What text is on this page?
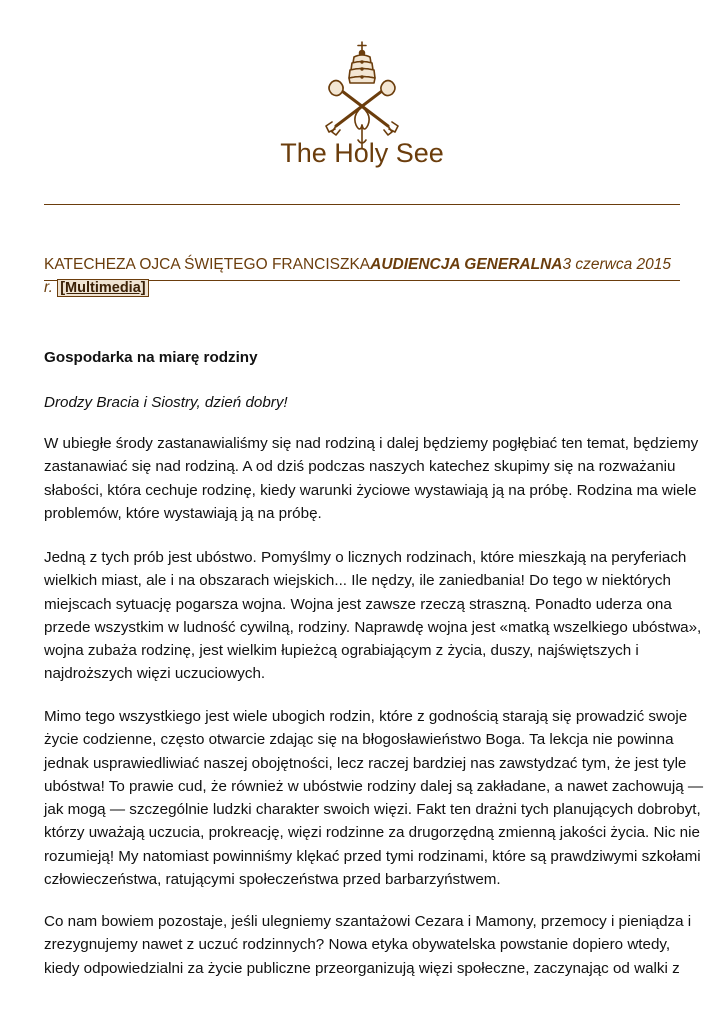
The Holy See
KATECHEZA OJCA ŚWIĘTEGO FRANCISZKAAUDIENCJA GENERALNA3 czerwca 2015
r. [Multimedia]
Gospodarka na miarę rodziny
Drodzy Bracia i Siostry, dzień dobry!
W ubiegłe środy zastanawialiśmy się nad rodziną i dalej będziemy pogłębiać ten temat, będziemy
zastanawiać się nad rodziną. A od dziś podczas naszych katechez skupimy się na rozważaniu
słabości, która cechuje rodzinę, kiedy warunki życiowe wystawiają ją na próbę. Rodzina ma wiele
problemów, które wystawiają ją na próbę.
Jedną z tych prób jest ubóstwo. Pomyślmy o licznych rodzinach, które mieszkają na peryferiach
wielkich miast, ale i na obszarach wiejskich... Ile nędzy, ile zaniedbania! Do tego w niektórych
miejscach sytuację pogarsza wojna. Wojna jest zawsze rzeczą straszną. Ponadto uderza ona
przede wszystkim w ludność cywilną, rodziny. Naprawdę wojna jest «matką wszelkiego ubóstwa»,
wojna zubaża rodzinę, jest wielkim łupieżcą ograbiającym z życia, duszy, najświętszych i
najdroższych więzi uczuciowych.
Mimo tego wszystkiego jest wiele ubogich rodzin, które z godnością starają się prowadzić swoje
życie codzienne, często otwarcie zdając się na błogosławieństwo Boga. Ta lekcja nie powinna
jednak usprawiedliwiać naszej obojętności, lecz raczej bardziej nas zawstydzać tym, że jest tyle
ubóstwa! To prawie cud, że również w ubóstwie rodziny dalej są zakładane, a nawet zachowują —
jak mogą — szczególnie ludzki charakter swoich więzi. Fakt ten drażni tych planujących dobrobyt,
którzy uważają uczucia, prokreację, więzi rodzinne za drugorzędną zmienną jakości życia. Nic nie
rozumieją! My natomiast powinniśmy klękać przed tymi rodzinami, które są prawdziwymi szkołami
człowieczeństwa, ratującymi społeczeństwa przed barbarzyństwem.
Co nam bowiem pozostaje, jeśli ulegniemy szantażowi Cezara i Mamony, przemocy i pieniądza i
zrezygnujemy nawet z uczuć rodzinnych? Nowa etyka obywatelska powstanie dopiero wtedy,
kiedy odpowiedzialni za życie publiczne przeorganizują więzi społeczne, zaczynając od walki z
